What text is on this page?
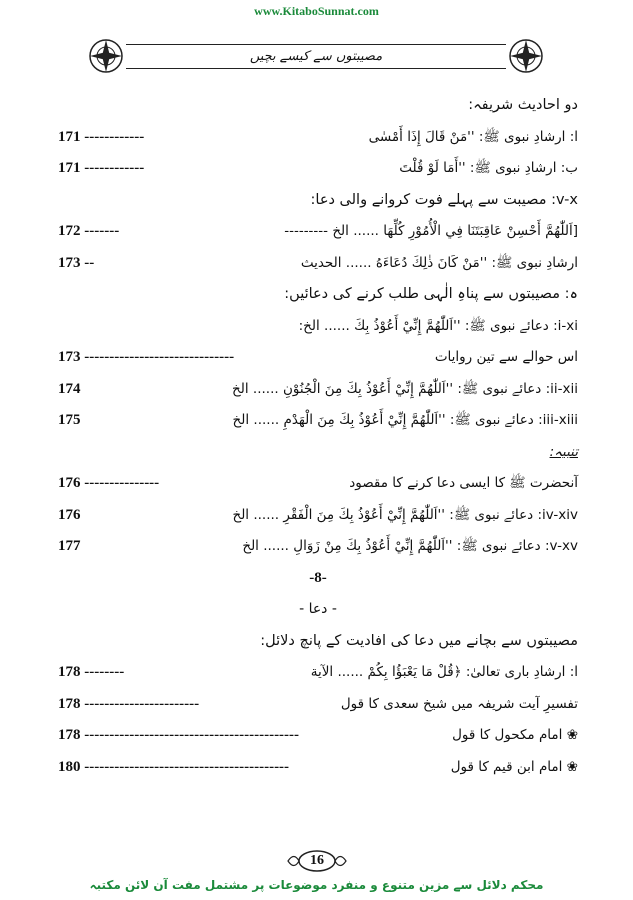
www.KitaboSunnat.com
مصیبتوں سے کیسے بچیں
دو احادیث شریفہ:
ا: ارشادِ نبوی ﷺ: ''مَنْ قَالَ إِذَا أَمْسٰى
171 ------------
ب: ارشادِ نبوی ﷺ: ''أَمَا لَوْ قُلْتَ
171 ------------
v-x: مصیبت سے پہلے فوت کروانے والی دعا:
[اَللّٰهُمَّ أَحْسِنْ عَاقِبَتَنَا فِي الْأُمُوْرِ كُلِّهَا ...... الخ ---------
172 -------
ارشادِ نبوی ﷺ: ''مَنْ كَانَ ذٰلِكَ دُعَاءَهُ ...... الحدیث
173 --
ہ: مصیبتوں سے پناہِ الٰہی طلب کرنے کی دعائیں:
i-xi: دعائے نبوی ﷺ: ''اَللّٰهُمَّ إِنِّيْ أَعُوْذُ بِكَ ...... الخ:
اس حوالے سے تین روایات
173 ------------------------------
ii-xii: دعائے نبوی ﷺ: ''اَللّٰهُمَّ إِنِّيْ أَعُوْذُ بِكَ مِنَ الْجُنُوْنِ ...... الخ
174
iii-xiii: دعائے نبوی ﷺ: ''اَللّٰهُمَّ إِنِّيْ أَعُوْذُ بِكَ مِنَ الْهَدْمِ ...... الخ
175
تنبیہ:
آنحضرت ﷺ کا ایسی دعا کرنے کا مقصود
176 ---------------
iv-xiv: دعائے نبوی ﷺ: ''اَللّٰهُمَّ إِنِّيْ أَعُوْذُ بِكَ مِنَ الْفَقْرِ ...... الخ
176
v-xv: دعائے نبوی ﷺ: ''اَللّٰهُمَّ إِنِّيْ أَعُوْذُ بِكَ مِنْ زَوَالِ ...... الخ
177
-8-
- دعا -
مصیبتوں سے بچانے میں دعا کی افادیت کے پانچ دلائل:
ا: ارشادِ باری تعالیٰ: ﴿قُلْ مَا يَعْبَؤُا بِكُمْ ...... الآیة
178 --------
تفسیرِ آیت شریفہ میں شیخ سعدی کا قول
178 -----------------------
❀ امام مکحول کا قول
178 -------------------------------------------
❀ امام ابن قیم کا قول
180 -----------------------------------------
16
محکم دلائل سے مزین متنوع و منفرد موضوعات پر مشتمل مفت آن لائن مکتبہ
